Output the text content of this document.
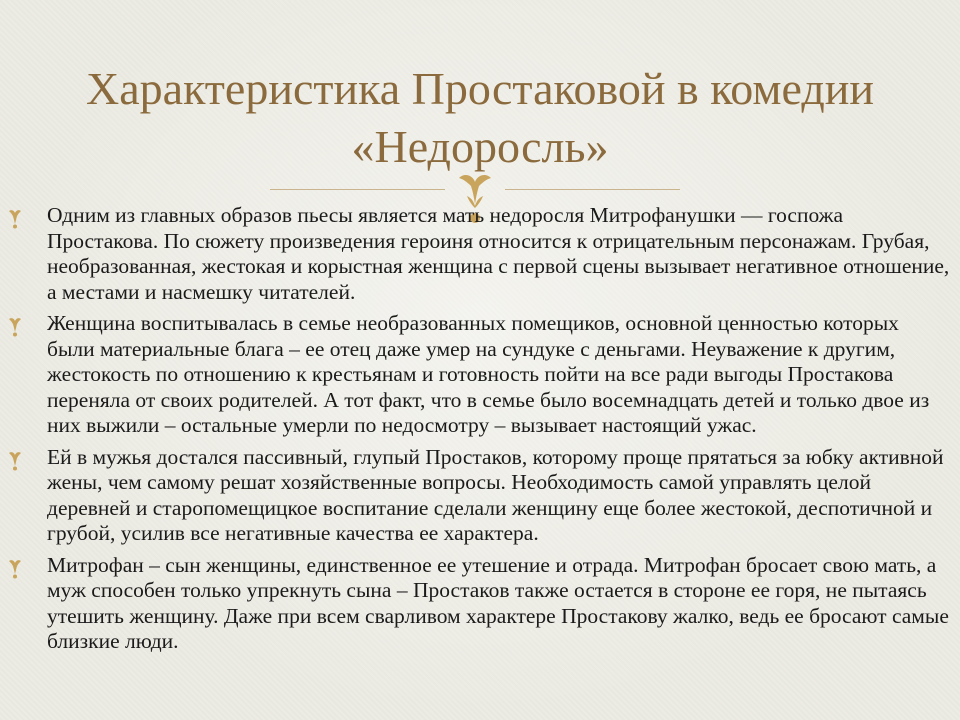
Характеристика Простаковой в комедии «Недоросль»
Одним из главных образов пьесы является мать недоросля Митрофанушки — госпожа Простакова. По сюжету произведения героиня относится к отрицательным персонажам. Грубая, необразованная, жестокая и корыстная женщина с первой сцены вызывает негативное отношение, а местами и насмешку читателей.
Женщина воспитывалась в семье необразованных помещиков, основной ценностью которых были материальные блага – ее отец даже умер на сундуке с деньгами. Неуважение к другим, жестокость по отношению к крестьянам и готовность пойти на все ради выгоды Простакова переняла от своих родителей. А тот факт, что в семье было восемнадцать детей и только двое из них выжили – остальные умерли по недосмотру – вызывает настоящий ужас.
Ей в мужья достался пассивный, глупый Простаков, которому проще прятаться за юбку активной жены, чем самому решат хозяйственные вопросы. Необходимость самой управлять целой деревней и старопомещицкое воспитание сделали женщину еще более жестокой, деспотичной и грубой, усилив все негативные качества ее характера.
Митрофан – сын женщины, единственное ее утешение и отрада. Митрофан бросает свою мать, а муж способен только упрекнуть сына – Простаков также остается в стороне ее горя, не пытаясь утешить женщину. Даже при всем сварливом характере Простакову жалко, ведь ее бросают самые близкие люди.
